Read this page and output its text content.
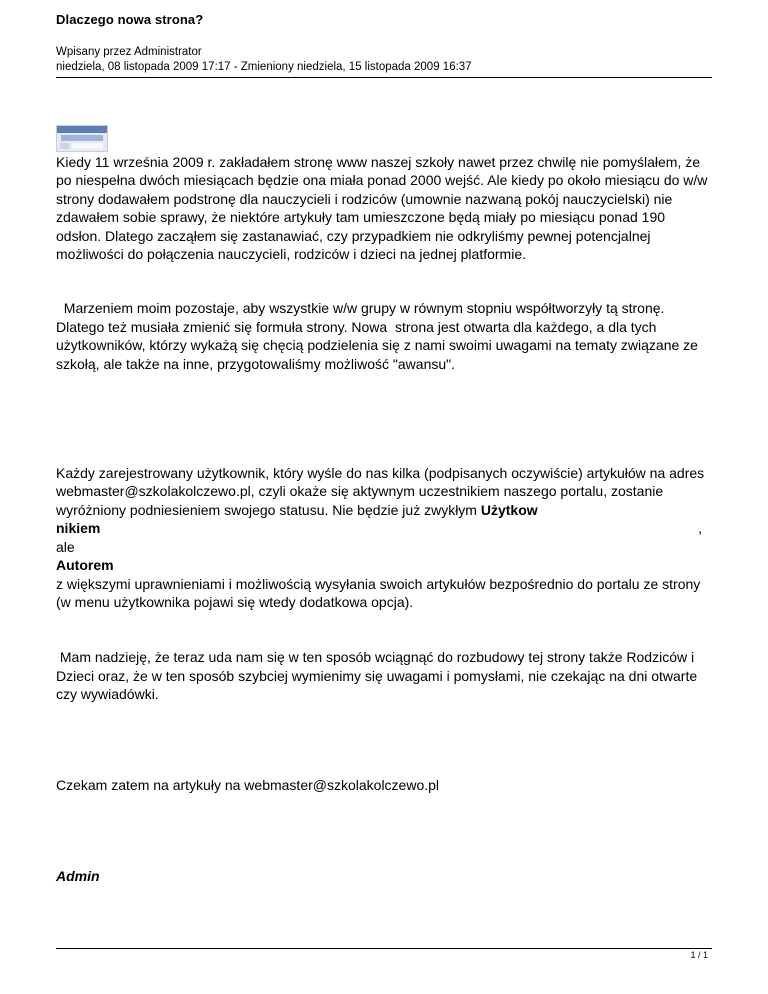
Dlaczego nowa strona?
Wpisany przez Administrator
niedziela, 08 listopada 2009 17:17 - Zmieniony niedziela, 15 listopada 2009 16:37

Kiedy 11 września 2009 r. zakładałem stronę www naszej szkoły nawet przez chwilę nie pomyślałem, że po niespełna dwóch miesiącach będzie ona miała ponad 2000 wejść. Ale kiedy po około miesiącu do w/w strony dodawałem podstronę dla nauczycieli i rodziców (umownie nazwaną pokój nauczycielski) nie zdawałem sobie sprawy, że niektóre artykuły tam umieszczone będą miały po miesiącu ponad 190 odsłon. Dlatego zacząłem się zastanawiać, czy przypadkiem nie odkryliśmy pewnej potencjalnej możliwości do połączenia nauczycieli, rodziców i dzieci na jednej platformie.

Marzeniem moim pozostaje, aby wszystkie w/w grupy w równym stopniu współtworzyły tą stronę. Dlatego też musiała zmienić się formuła strony. Nowa  strona jest otwarta dla każdego, a dla tych użytkowników, którzy wykażą się chęcią podzielenia się z nami swoimi uwagami na tematy związane ze szkołą, ale także na inne, przygotowaliśmy możliwość "awansu".

Każdy zarejestrowany użytkownik, który wyśle do nas kilka (podpisanych oczywiście) artykułów na adres webmaster@szkolakolczewo.pl, czyli okaże się aktywnym uczestnikiem naszego portalu, zostanie wyróżniony podniesieniem swojego statusu. Nie będzie już zwykłym Użytkow
nikiem	,
ale
Autorem
z większymi uprawnieniami i możliwością wysyłania swoich artykułów bezpośrednio do portalu ze strony (w menu użytkownika pojawi się wtedy dodatkowa opcja).

Mam nadzieję, że teraz uda nam się w ten sposób wciągnąć do rozbudowy tej strony także Rodziców i Dzieci oraz, że w ten sposób szybciej wymienimy się uwagami i pomysłami, nie czekając na dni otwarte czy wywiadówki.

Czekam zatem na artykuły na webmaster@szkolakolczewo.pl

Admin

1 / 1
